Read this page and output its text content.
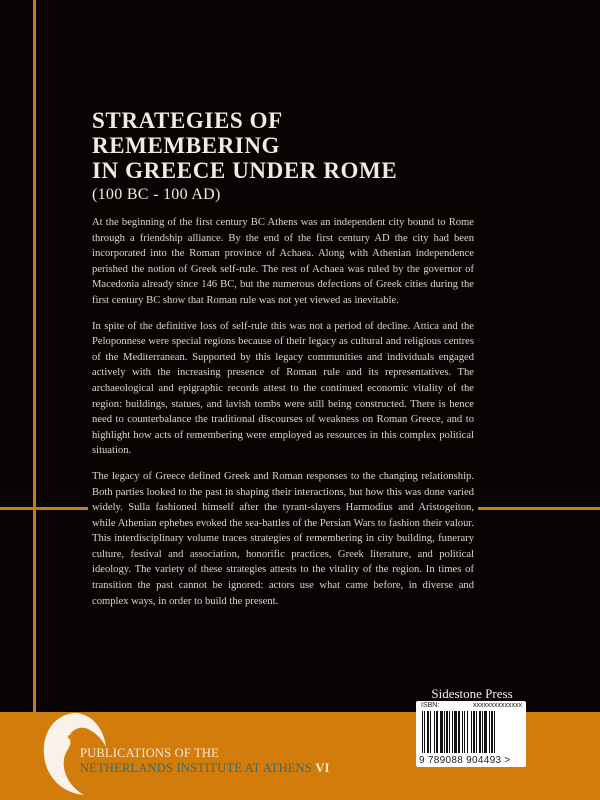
STRATEGIES OF REMEMBERING
IN GREECE UNDER ROME
(100 BC - 100 AD)

At the beginning of the first century BC Athens was an independent city bound to Rome through a friendship alliance. By the end of the first century AD the city had been incorporated into the Roman province of Achaea. Along with Athenian independence perished the notion of Greek self-rule. The rest of Achaea was ruled by the governor of Macedonia already since 146 BC, but the numerous defections of Greek cities during the first century BC show that Roman rule was not yet viewed as inevitable.

In spite of the definitive loss of self-rule this was not a period of decline. Attica and the Peloponnese were special regions because of their legacy as cultural and religious centres of the Mediterranean. Supported by this legacy communities and individuals engaged actively with the increasing presence of Roman rule and its representatives. The archaeological and epigraphic records attest to the continued economic vitality of the region: buildings, statues, and lavish tombs were still being constructed. There is hence need to counterbalance the traditional discourses of weakness on Roman Greece, and to highlight how acts of remembering were employed as resources in this complex political situation.

The legacy of Greece defined Greek and Roman responses to the changing relationship. Both parties looked to the past in shaping their interactions, but how this was done varied widely. Sulla fashioned himself after the tyrant-slayers Harmodius and Aristogeiton, while Athenian ephebes evoked the sea-battles of the Persian Wars to fashion their valour. This interdisciplinary volume traces strategies of remembering in city building, funerary culture, festival and association, honorific practices, Greek literature, and political ideology. The variety of these strategies attests to the vitality of the region. In times of transition the past cannot be ignored: actors use what came before, in diverse and complex ways, in order to build the present.

PUBLICATIONS OF THE
NETHERLANDS INSTITUTE AT ATHENS VI
Sidestone Press
ISBN:	xxxxxxxxxxxxxx
9 789088 904493 >
